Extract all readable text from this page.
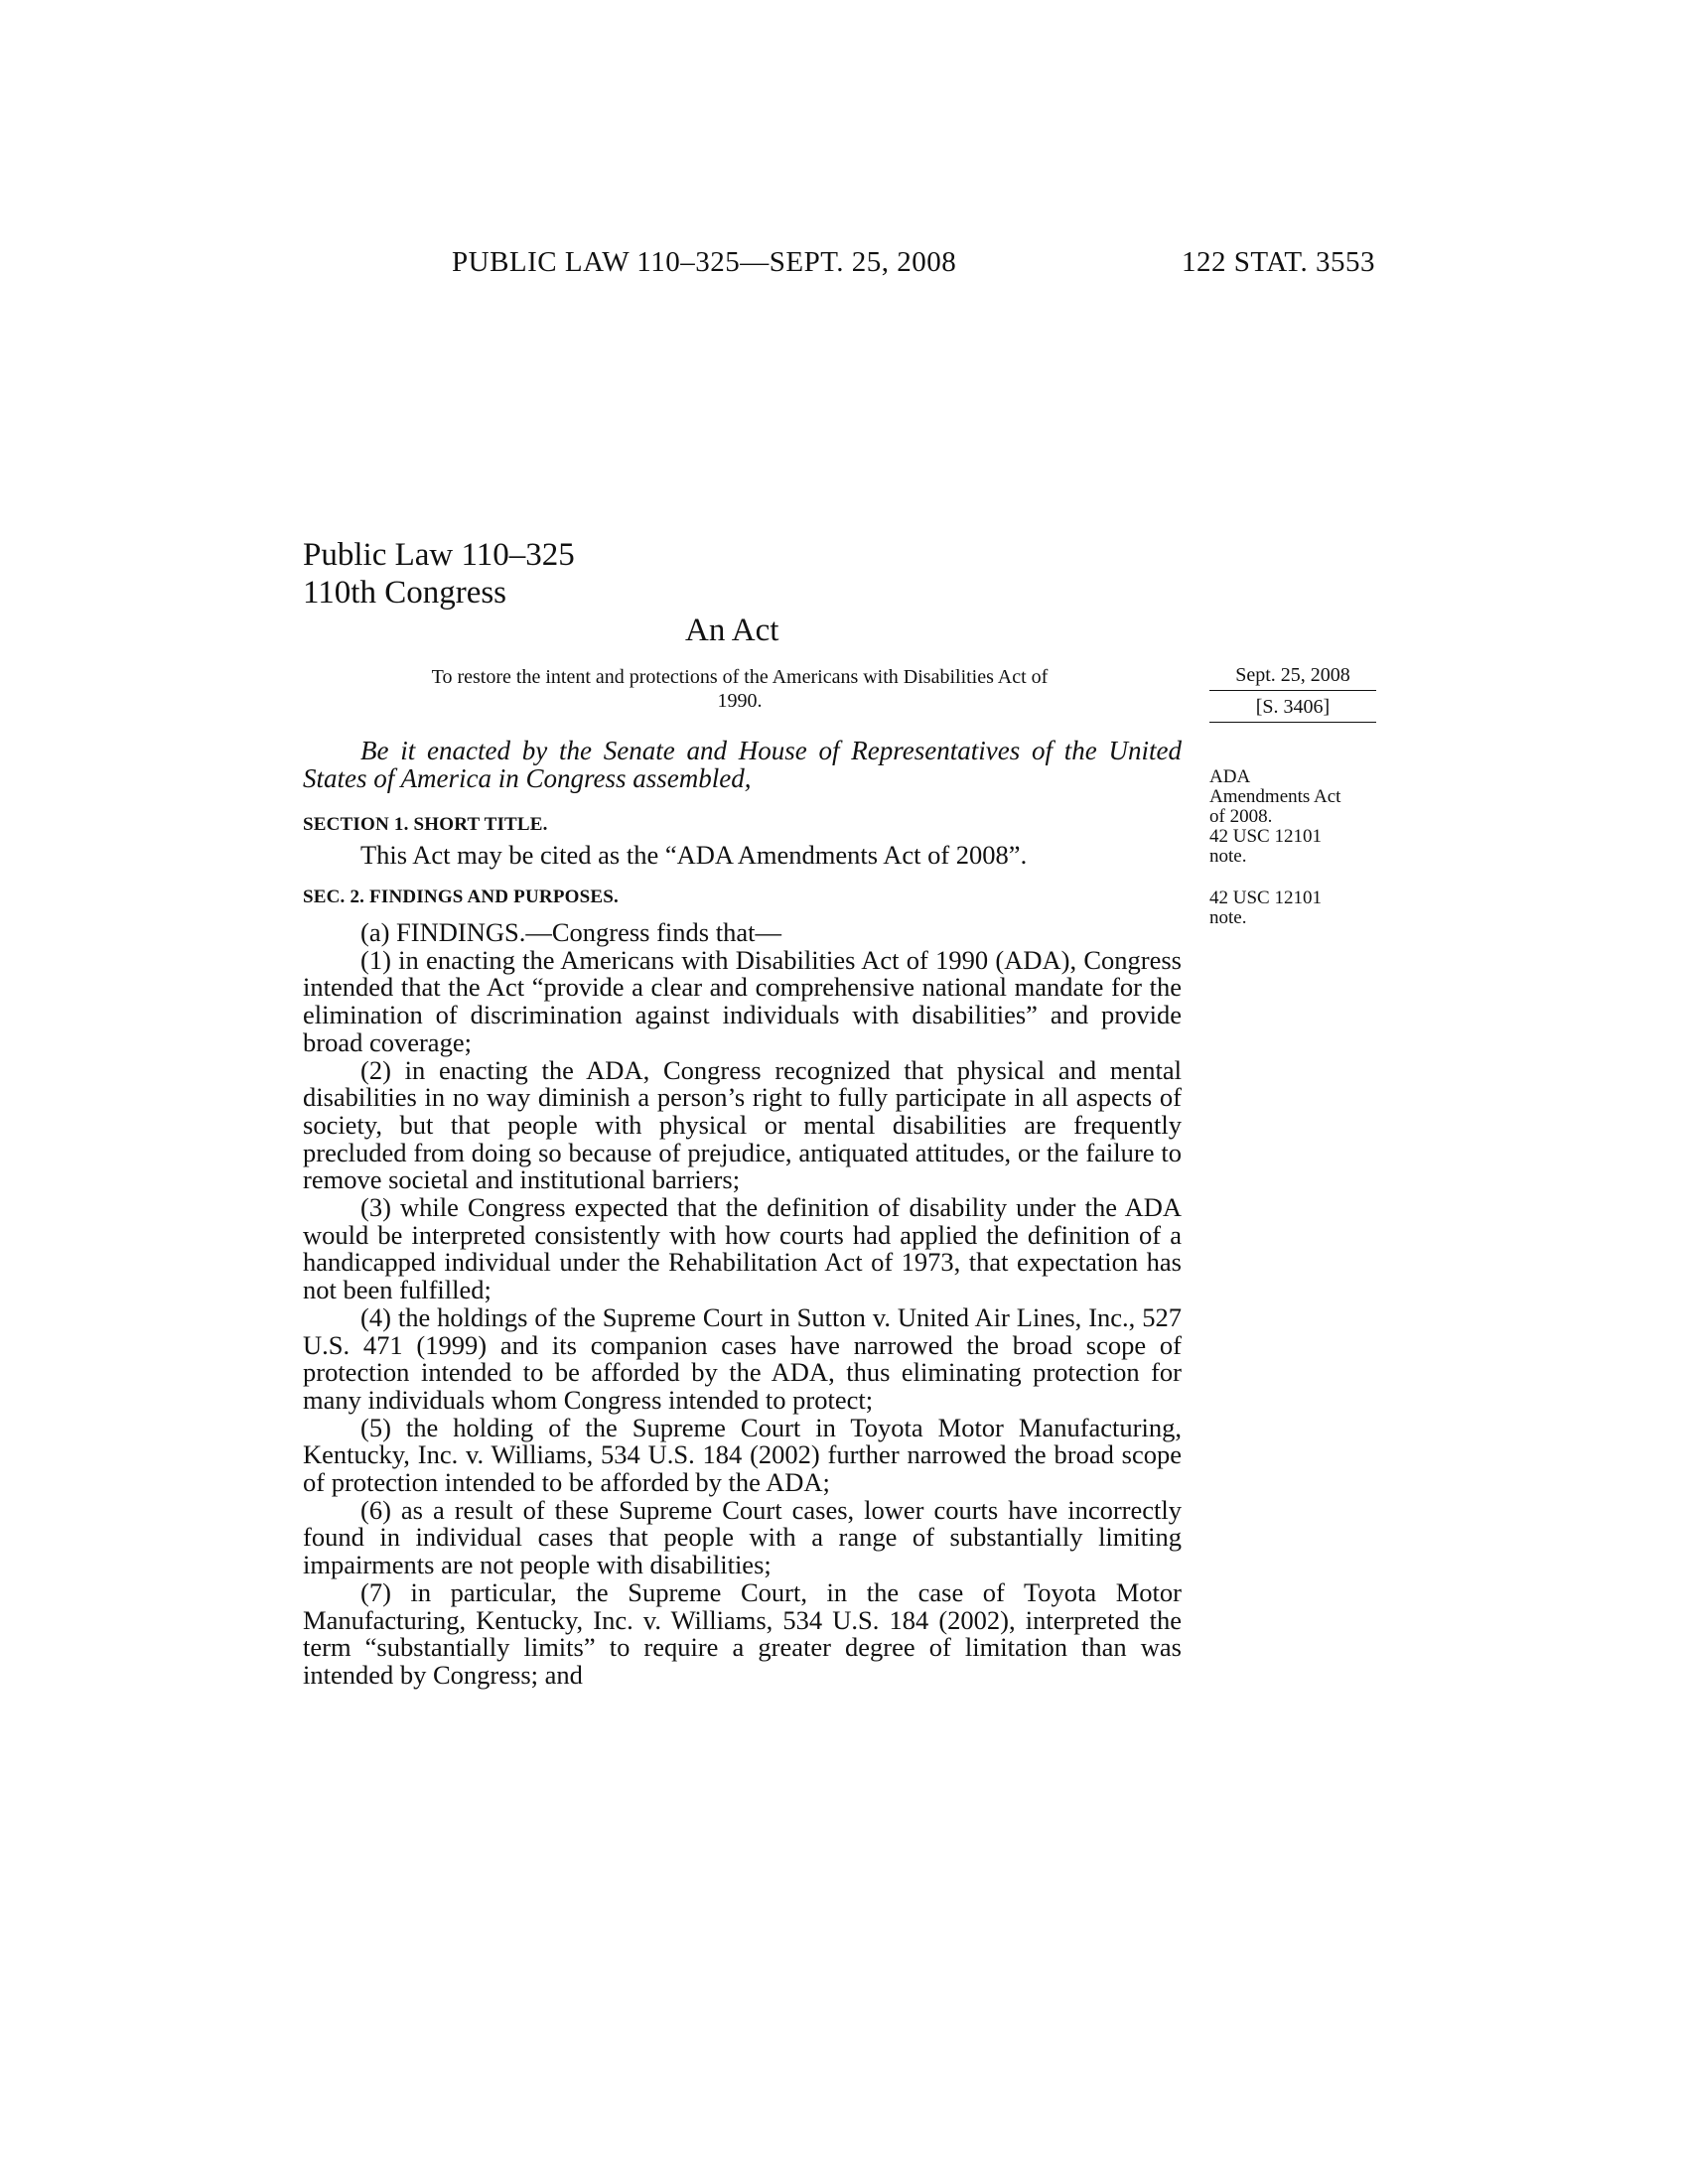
PUBLIC LAW 110–325—SEPT. 25, 2008	122 STAT. 3553
Public Law 110–325
110th Congress
An Act
To restore the intent and protections of the Americans with Disabilities Act of
1990.
Sept. 25, 2008
[S. 3406]
ADA
Amendments Act
of 2008.
42 USC 12101
note.
42 USC 12101
note.
Be it enacted by the Senate and House of Representatives of the United States of America in Congress assembled,
SECTION 1. SHORT TITLE.

This Act may be cited as the “ADA Amendments Act of 2008”.

SEC. 2. FINDINGS AND PURPOSES.

(a) FINDINGS.—Congress finds that—

(1) in enacting the Americans with Disabilities Act of 1990 (ADA), Congress intended that the Act “provide a clear and comprehensive national mandate for the elimination of discrimination against individuals with disabilities” and provide broad coverage;

(2) in enacting the ADA, Congress recognized that physical and mental disabilities in no way diminish a person’s right to fully participate in all aspects of society, but that people with physical or mental disabilities are frequently precluded from doing so because of prejudice, antiquated attitudes, or the failure to remove societal and institutional barriers;

(3) while Congress expected that the definition of disability under the ADA would be interpreted consistently with how courts had applied the definition of a handicapped individual under the Rehabilitation Act of 1973, that expectation has not been fulfilled;

(4) the holdings of the Supreme Court in Sutton v. United Air Lines, Inc., 527 U.S. 471 (1999) and its companion cases have narrowed the broad scope of protection intended to be afforded by the ADA, thus eliminating protection for many individuals whom Congress intended to protect;

(5) the holding of the Supreme Court in Toyota Motor Manufacturing, Kentucky, Inc. v. Williams, 534 U.S. 184 (2002) further narrowed the broad scope of protection intended to be afforded by the ADA;

(6) as a result of these Supreme Court cases, lower courts have incorrectly found in individual cases that people with a range of substantially limiting impairments are not people with disabilities;

(7) in particular, the Supreme Court, in the case of Toyota Motor Manufacturing, Kentucky, Inc. v. Williams, 534 U.S. 184 (2002), interpreted the term “substantially limits” to require a greater degree of limitation than was intended by Congress; and
